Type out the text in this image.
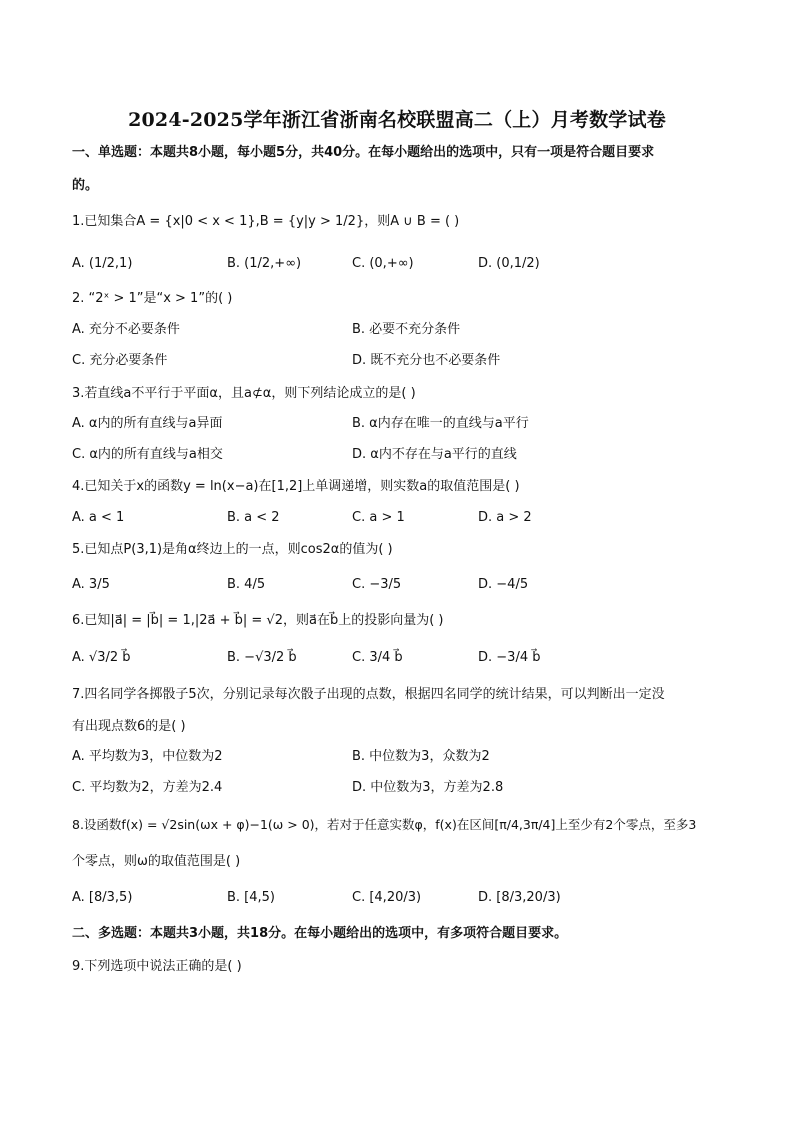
2024-2025学年浙江省浙南名校联盟高二（上）月考数学试卷
一、单选题：本题共8小题，每小题5分，共40分。在每小题给出的选项中，只有一项是符合题目要求
的。
1.已知集合A = {x|0 < x < 1},B = {y|y > 1/2}，则A ∪ B = ( )
A. (1/2,1)	B. (1/2,+∞)	C. (0,+∞)	D. (0,1/2)
2. “2ˣ > 1”是“x > 1”的( )
A. 充分不必要条件	B. 必要不充分条件
C. 充分必要条件	D. 既不充分也不必要条件
3.若直线a不平行于平面α，且a⊄α，则下列结论成立的是( )
A. α内的所有直线与a异面	B. α内存在唯一的直线与a平行
C. α内的所有直线与a相交	D. α内不存在与a平行的直线
4.已知关于x的函数y = ln(x−a)在[1,2]上单调递增，则实数a的取值范围是( )
A. a < 1	B. a < 2	C. a > 1	D. a > 2
5.已知点P(3,1)是角α终边上的一点，则cos2α的值为( )
A. 3/5	B. 4/5	C. −3/5	D. −4/5
6.已知|a⃗| = |b⃗| = 1,|2a⃗ + b⃗| = √2，则a⃗在b⃗上的投影向量为( )
A. √3/2 b⃗	B. −√3/2 b⃗	C. 3/4 b⃗	D. −3/4 b⃗
7.四名同学各掷骰子5次，分别记录每次骰子出现的点数，根据四名同学的统计结果，可以判断出一定没
有出现点数6的是( )
A. 平均数为3，中位数为2	B. 中位数为3，众数为2
C. 平均数为2，方差为2.4	D. 中位数为3，方差为2.8
8.设函数f(x) = √2sin(ωx + φ)−1(ω > 0)，若对于任意实数φ，f(x)在区间[π/4,3π/4]上至少有2个零点，至多3
个零点，则ω的取值范围是( )
A. [8/3,5)	B. [4,5)	C. [4,20/3)	D. [8/3,20/3)
二、多选题：本题共3小题，共18分。在每小题给出的选项中，有多项符合题目要求。
9.下列选项中说法正确的是( )
